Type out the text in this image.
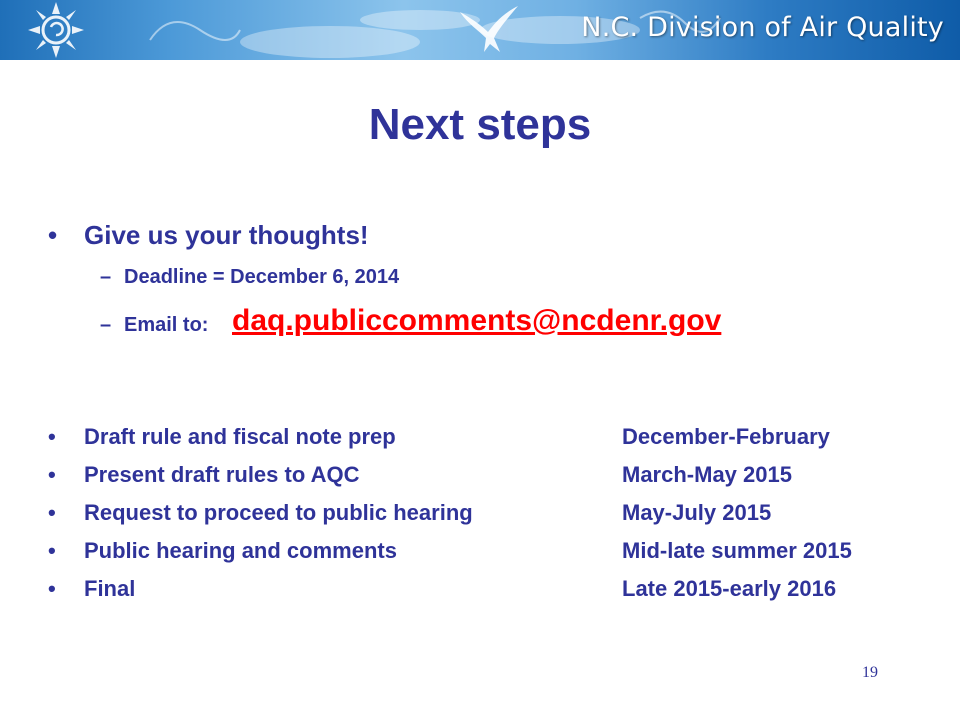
N.C. Division of Air Quality
Next steps
• Give us your thoughts!
– Deadline = December 6, 2014
– Email to: daq.publiccomments@ncdenr.gov
• Draft rule and fiscal note prep	December-February
• Present draft rules to AQC	March-May 2015
• Request to proceed to public hearing	May-July 2015
• Public hearing and comments	Mid-late summer 2015
• Final	Late 2015-early 2016
19
